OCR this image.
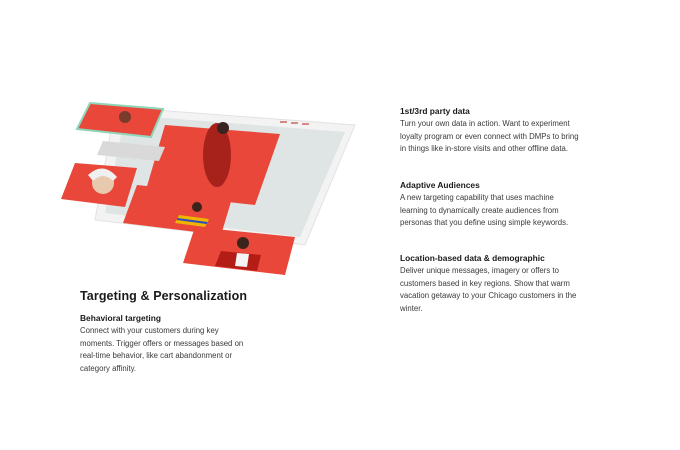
Targeting & Personalization
Behavioral targeting

Connect with your customers during key moments. Trigger offers or messages based on real-time behavior, like cart abandonment or category affinity.

1st/3rd party data

Turn your own data in action. Want to experiment loyalty program or even connect with DMPs to bring in things like in-store visits and other offline data.

Adaptive Audiences

A new targeting capability that uses machine learning to dynamically create audiences from personas that you define using simple keywords.

Location-based data & demographic

Deliver unique messages, imagery or offers to customers based in key regions. Show that warm vacation getaway to your Chicago customers in the winter.
